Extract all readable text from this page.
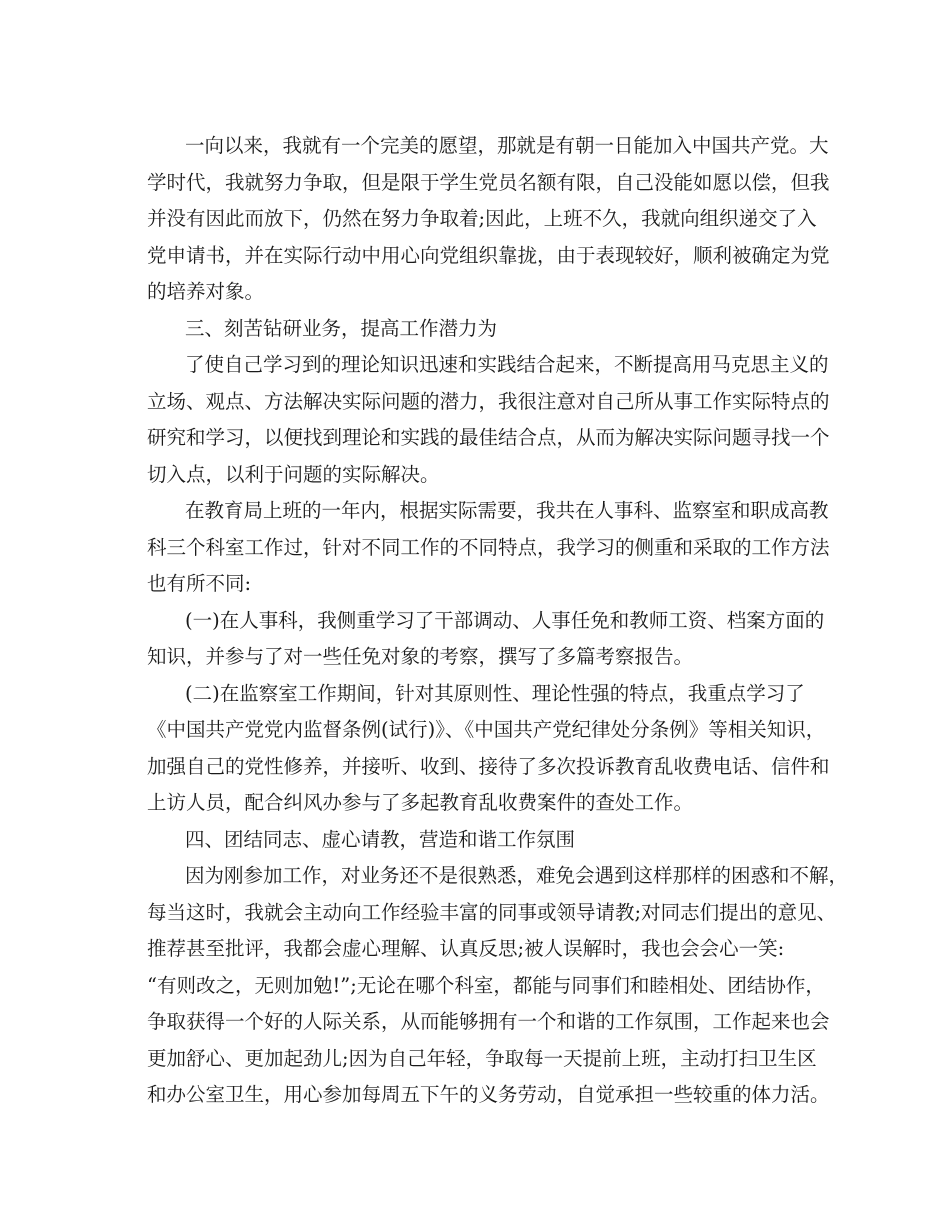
一向以来，我就有一个完美的愿望，那就是有朝一日能加入中国共产党。大
学时代，我就努力争取，但是限于学生党员名额有限，自己没能如愿以偿，但我
并没有因此而放下，仍然在努力争取着;因此，上班不久，我就向组织递交了入
党申请书，并在实际行动中用心向党组织靠拢，由于表现较好，顺利被确定为党
的培养对象。
三、刻苦钻研业务，提高工作潜力为
了使自己学习到的理论知识迅速和实践结合起来，不断提高用马克思主义的
立场、观点、方法解决实际问题的潜力，我很注意对自己所从事工作实际特点的
研究和学习，以便找到理论和实践的最佳结合点，从而为解决实际问题寻找一个
切入点，以利于问题的实际解决。
在教育局上班的一年内，根据实际需要，我共在人事科、监察室和职成高教
科三个科室工作过，针对不同工作的不同特点，我学习的侧重和采取的工作方法
也有所不同:
(一)在人事科，我侧重学习了干部调动、人事任免和教师工资、档案方面的
知识，并参与了对一些任免对象的考察，撰写了多篇考察报告。
(二)在监察室工作期间，针对其原则性、理论性强的特点，我重点学习了
《中国共产党党内监督条例(试行)》、《中国共产党纪律处分条例》等相关知识，
加强自己的党性修养，并接听、收到、接待了多次投诉教育乱收费电话、信件和
上访人员，配合纠风办参与了多起教育乱收费案件的查处工作。
四、团结同志、虚心请教，营造和谐工作氛围
因为刚参加工作，对业务还不是很熟悉，难免会遇到这样那样的困惑和不解，
每当这时，我就会主动向工作经验丰富的同事或领导请教;对同志们提出的意见、
推荐甚至批评，我都会虚心理解、认真反思;被人误解时，我也会会心一笑:
“有则改之，无则加勉!”;无论在哪个科室，都能与同事们和睦相处、团结协作，
争取获得一个好的人际关系，从而能够拥有一个和谐的工作氛围，工作起来也会
更加舒心、更加起劲儿;因为自己年轻，争取每一天提前上班，主动打扫卫生区
和办公室卫生，用心参加每周五下午的义务劳动，自觉承担一些较重的体力活。
